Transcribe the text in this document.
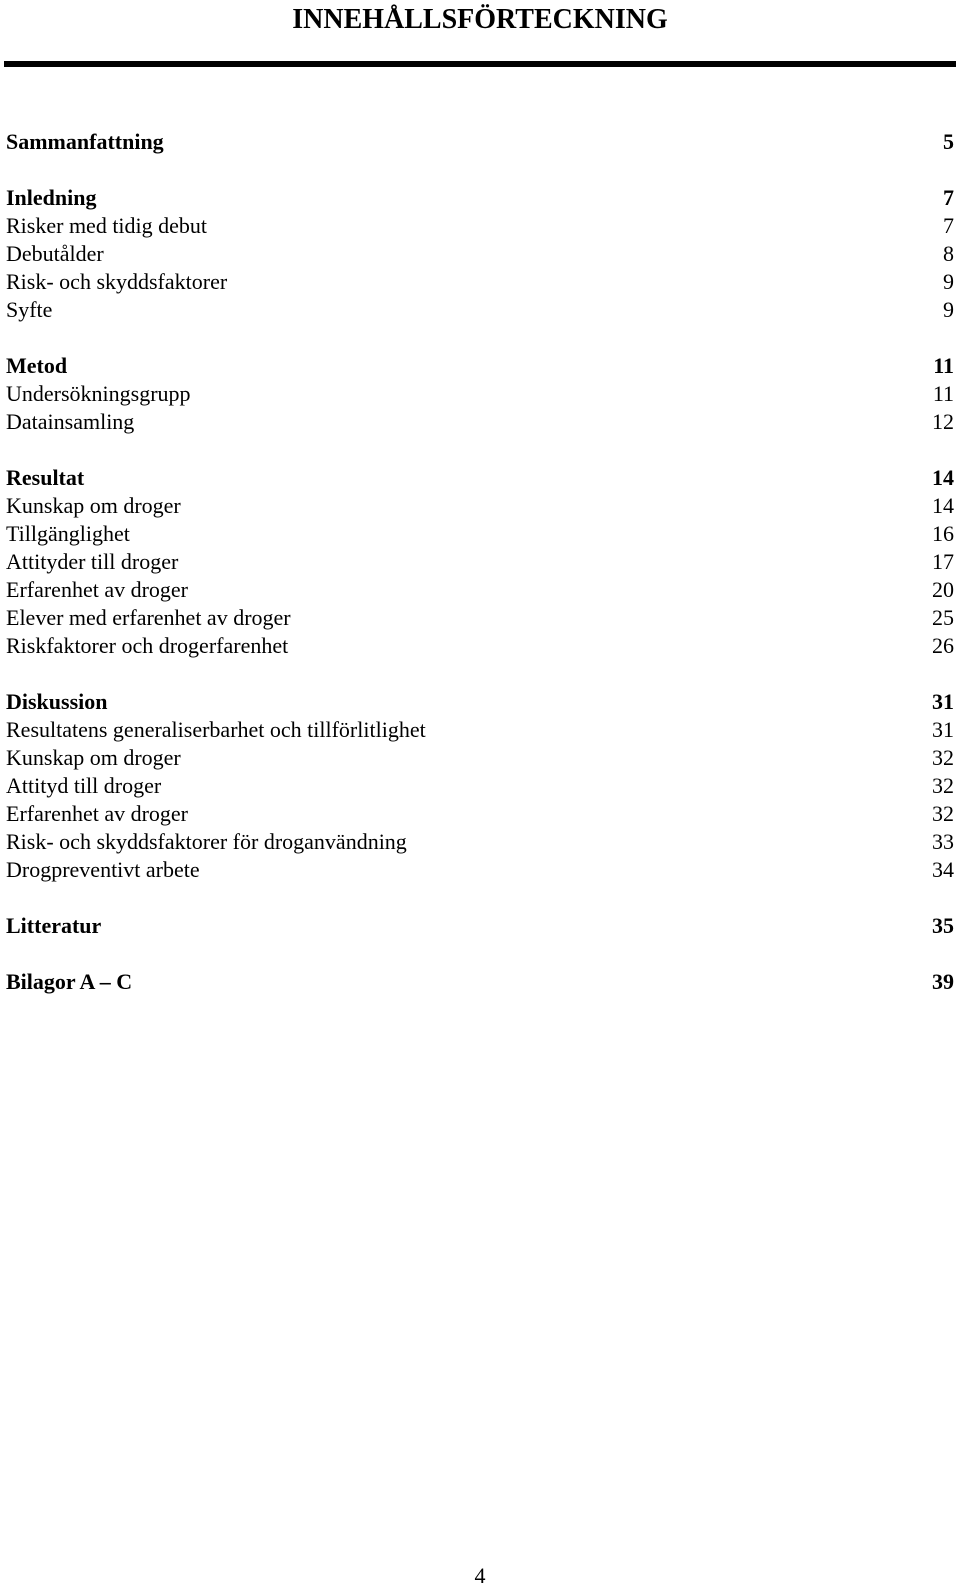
INNEHÅLLSFÖRTECKNING
Sammanfattning	5
Inledning	7
Risker med tidig debut	7
Debutålder	8
Risk- och skyddsfaktorer	9
Syfte	9
Metod	11
Undersökningsgrupp	11
Datainsamling	12
Resultat	14
Kunskap om droger	14
Tillgänglighet	16
Attityder till droger	17
Erfarenhet av droger	20
Elever med erfarenhet av droger	25
Riskfaktorer och drogerfarenhet	26
Diskussion	31
Resultatens generaliserbarhet och tillförlitlighet	31
Kunskap om droger	32
Attityd till droger	32
Erfarenhet av droger	32
Risk- och skyddsfaktorer för droganvändning	33
Drogpreventivt arbete	34
Litteratur	35
Bilagor A – C	39
4
